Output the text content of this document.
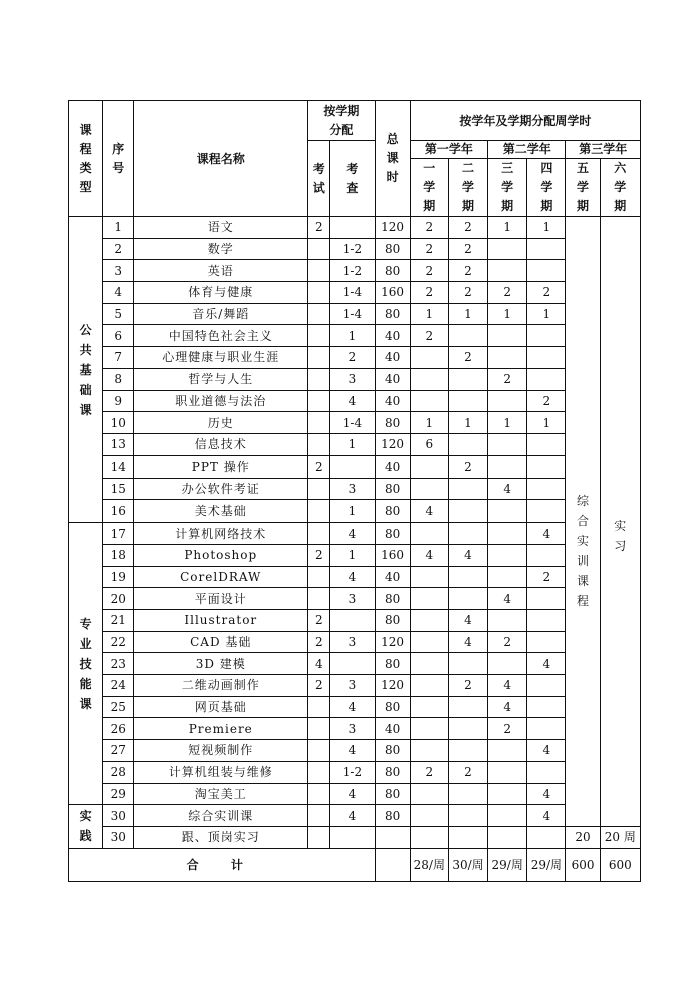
课程类型	序号	课程名称	按学期分配		总课时	按学年及学期分配周学时					
			考试	考查		第一学年		第二学年		第三学年	
						一学期	二学期	三学期	四学期	五学期	六学期
公共基础课	1	语文	2		120	2	2	1	1	综合实训课程	实习
	2	数学		1-2	80	2	2				
	3	英语		1-2	80	2	2				
	4	体育与健康		1-4	160	2	2	2	2		
	5	音乐/舞蹈		1-4	80	1	1	1	1		
	6	中国特色社会主义		1	40	2					
	7	心理健康与职业生涯		2	40		2				
	8	哲学与人生		3	40			2			
	9	职业道德与法治		4	40				2		
	10	历史		1-4	80	1	1	1	1		
	13	信息技术		1	120	6					
	14	PPT 操作	2		40		2				
	15	办公软件考证		3	80			4			
	16	美术基础		1	80	4					
专业技能课	17	计算机网络技术		4	80				4		
	18	Photoshop	2	1	160	4	4				
	19	CorelDRAW		4	40				2		
	20	平面设计		3	80			4			
	21	Illustrator	2		80		4				
	22	CAD 基础	2	3	120		4	2			
	23	3D 建模	4		80				4		
	24	二维动画制作	2	3	120		2	4			
	25	网页基础		4	80			4			
	26	Premiere		3	40			2			
	27	短视频制作		4	80				4		
	28	计算机组装与维修		1-2	80	2	2				
	29	淘宝美工		4	80				4		
实践	30	综合实训课		4	80				4		
	30	跟、顶岗实习								20	20 周
合 计						28/周	30/周	29/周	29/周	600	600
